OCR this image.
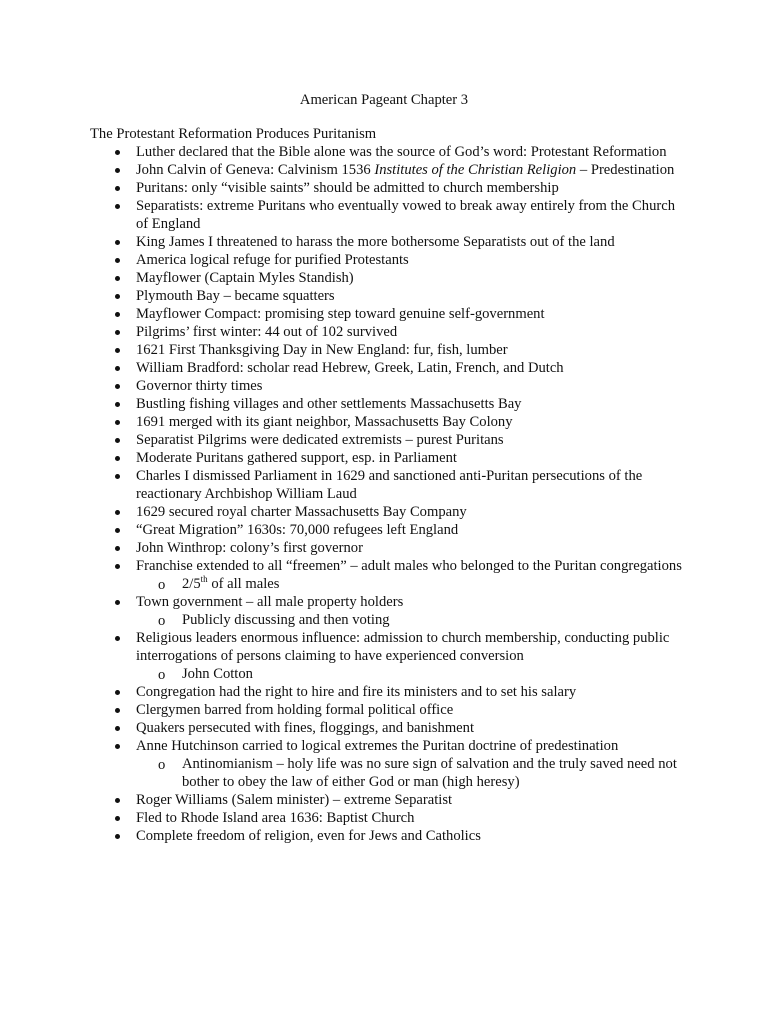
American Pageant Chapter 3
The Protestant Reformation Produces Puritanism
Luther declared that the Bible alone was the source of God’s word: Protestant Reformation
John Calvin of Geneva: Calvinism 1536 Institutes of the Christian Religion – Predestination
Puritans: only “visible saints” should be admitted to church membership
Separatists: extreme Puritans who eventually vowed to break away entirely from the Church of England
King James I threatened to harass the more bothersome Separatists out of the land
America logical refuge for purified Protestants
Mayflower (Captain Myles Standish)
Plymouth Bay – became squatters
Mayflower Compact: promising step toward genuine self-government
Pilgrims’ first winter: 44 out of 102 survived
1621 First Thanksgiving Day in New England: fur, fish, lumber
William Bradford: scholar read Hebrew, Greek, Latin, French, and Dutch
Governor thirty times
Bustling fishing villages and other settlements Massachusetts Bay
1691 merged with its giant neighbor, Massachusetts Bay Colony
Separatist Pilgrims were dedicated extremists – purest Puritans
Moderate Puritans gathered support, esp. in Parliament
Charles I dismissed Parliament in 1629 and sanctioned anti-Puritan persecutions of the reactionary Archbishop William Laud
1629 secured royal charter Massachusetts Bay Company
“Great Migration” 1630s: 70,000 refugees left England
John Winthrop: colony’s first governor
Franchise extended to all “freemen” – adult males who belonged to the Puritan congregations
o 2/5th of all males
Town government – all male property holders
o Publicly discussing and then voting
Religious leaders enormous influence: admission to church membership, conducting public interrogations of persons claiming to have experienced conversion
o John Cotton
Congregation had the right to hire and fire its ministers and to set his salary
Clergymen barred from holding formal political office
Quakers persecuted with fines, floggings, and banishment
Anne Hutchinson carried to logical extremes the Puritan doctrine of predestination
o Antinomianism – holy life was no sure sign of salvation and the truly saved need not bother to obey the law of either God or man (high heresy)
Roger Williams (Salem minister) – extreme Separatist
Fled to Rhode Island area 1636: Baptist Church
Complete freedom of religion, even for Jews and Catholics
